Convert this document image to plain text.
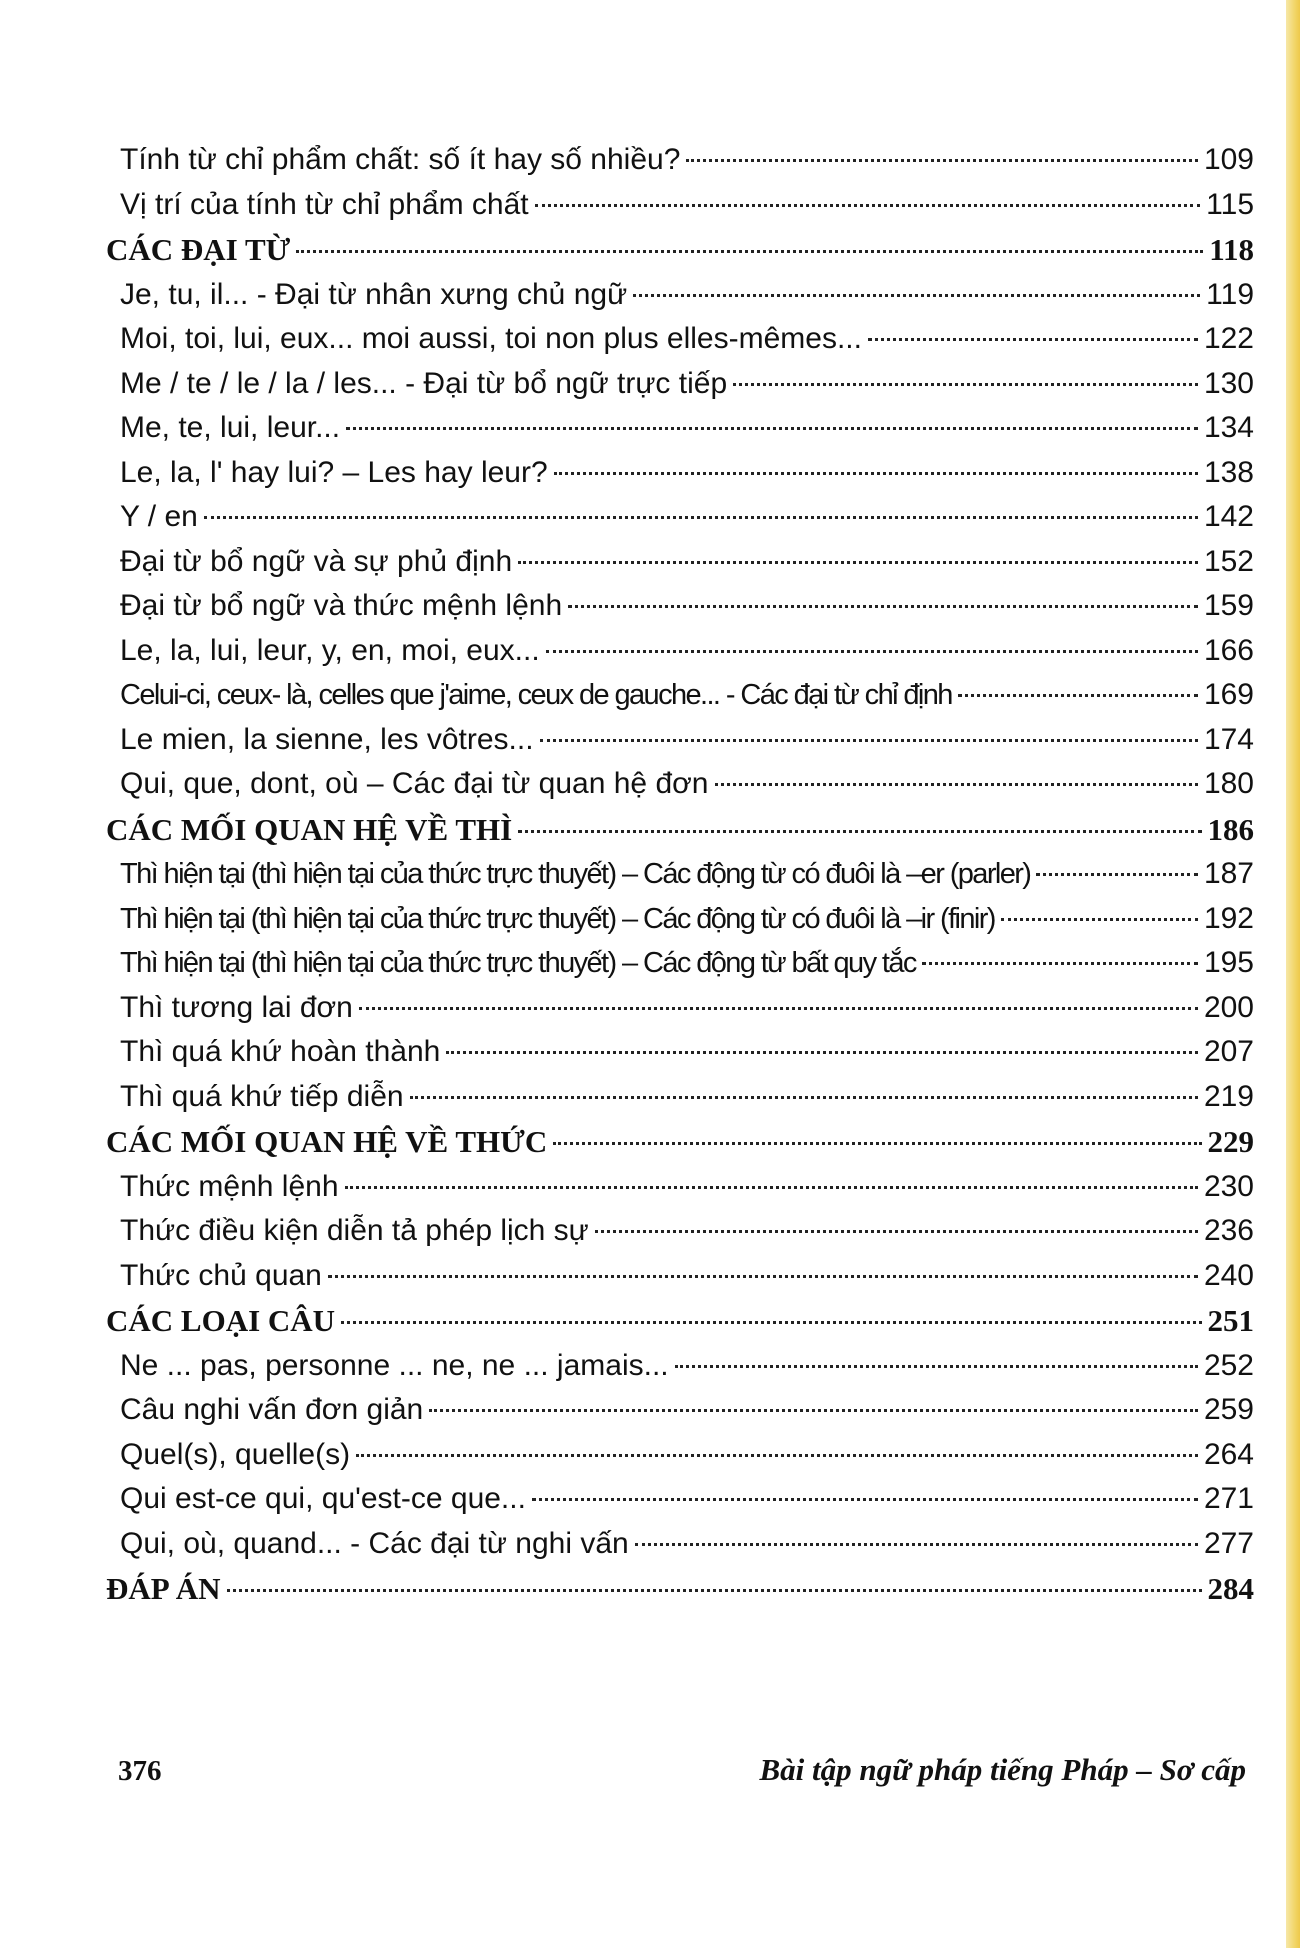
Tính từ chỉ phẩm chất: số ít hay số nhiều?	109
Vị trí của tính từ chỉ phẩm chất	115
CÁC ĐẠI TỪ	118
Je, tu, il... - Đại từ nhân xưng chủ ngữ	119
Moi, toi, lui, eux... moi aussi, toi non plus elles-mêmes...	122
Me / te / le / la / les... - Đại từ bổ ngữ trực tiếp	130
Me, te, lui, leur...	134
Le, la, l' hay lui? – Les hay leur?	138
Y / en	142
Đại từ bổ ngữ và sự phủ định	152
Đại từ bổ ngữ và thức mệnh lệnh	159
Le, la, lui, leur, y, en, moi, eux...	166
Celui-ci, ceux- là, celles que j'aime, ceux de gauche... - Các đại từ chỉ định	169
Le mien, la sienne, les vôtres...	174
Qui, que, dont, où – Các đại từ quan hệ đơn	180
CÁC MỐI QUAN HỆ VỀ THÌ	186
Thì hiện tại (thì hiện tại của thức trực thuyết) – Các động từ có đuôi là –er (parler)	187
Thì hiện tại (thì hiện tại của thức trực thuyết) – Các động từ có đuôi là –ir (finir)	192
Thì hiện tại (thì hiện tại của thức trực thuyết) – Các động từ bất quy tắc	195
Thì tương lai đơn	200
Thì quá khứ hoàn thành	207
Thì quá khứ tiếp diễn	219
CÁC MỐI QUAN HỆ VỀ THỨC	229
Thức mệnh lệnh	230
Thức điều kiện diễn tả phép lịch sự	236
Thức chủ quan	240
CÁC LOẠI CÂU	251
Ne ... pas, personne ... ne, ne ... jamais...	252
Câu nghi vấn đơn giản	259
Quel(s), quelle(s)	264
Qui est-ce qui, qu'est-ce que...	271
Qui, où, quand... - Các đại từ nghi vấn	277
ĐÁP ÁN	284
376	Bài tập ngữ pháp tiếng Pháp – Sơ cấp
